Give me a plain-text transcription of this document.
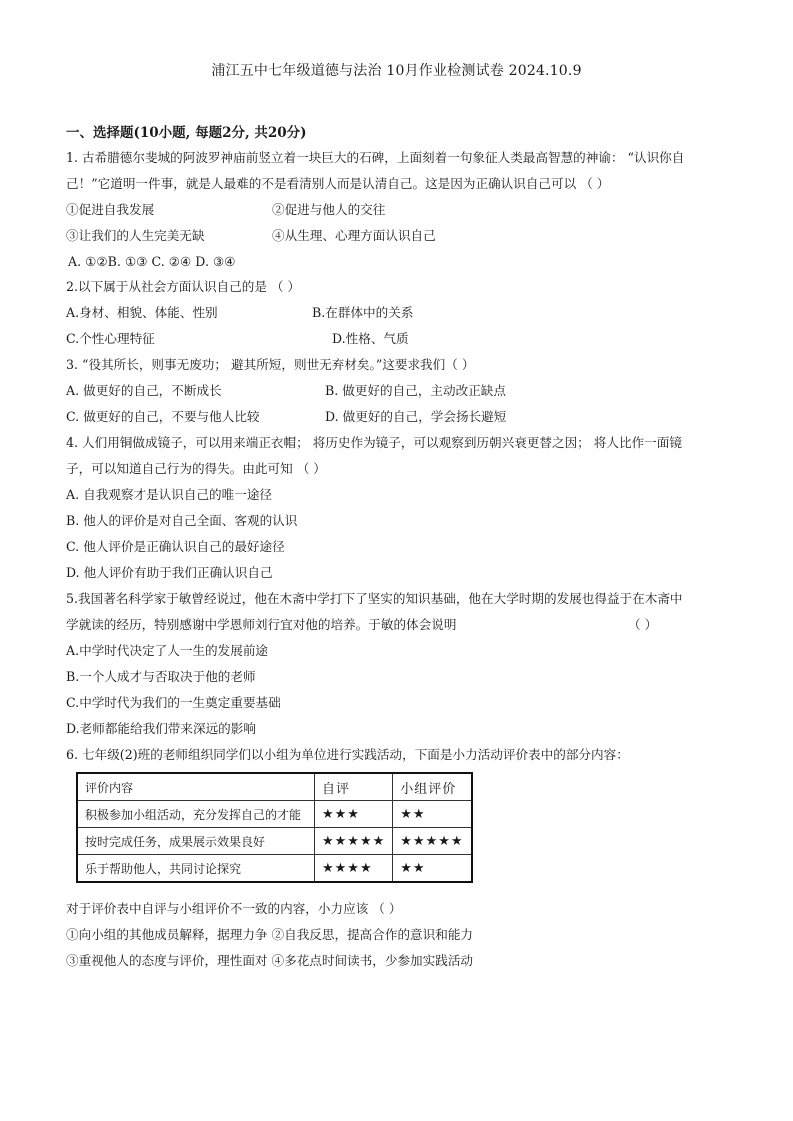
浦江五中七年级道德与法治 10月作业检测试卷 2024.10.9
一、选择题(10小题, 每题2分, 共20分)
1. 古希腊德尔斐城的阿波罗神庙前竖立着一块巨大的石碑，上面刻着一句象征人类最高智慧的神谕： “认识你自
己！”它道明一件事，就是人最难的不是看清别人而是认清自己。这是因为正确认识自己可以 （ ）
①促进自我发展	②促进与他人的交往
③让我们的人生完美无缺	④从生理、心理方面认识自己
A. ①②B. ①③ C. ②④ D. ③④
2.以下属于从社会方面认识自己的是 （ ）
A.身材、相貌、体能、性别	B.在群体中的关系
C.个性心理特征	D.性格、气质
3. “役其所长，则事无废功； 避其所短，则世无弃材矣。”这要求我们（ ）
A. 做更好的自己，不断成长	B. 做更好的自己，主动改正缺点
C. 做更好的自己，不要与他人比较	D. 做更好的自己，学会扬长避短
4. 人们用铜做成镜子，可以用来端正衣帽； 将历史作为镜子，可以观察到历朝兴衰更替之因； 将人比作一面镜
子，可以知道自己行为的得失。由此可知 （ ）
A. 自我观察才是认识自己的唯一途径
B. 他人的评价是对自己全面、客观的认识
C. 他人评价是正确认识自己的最好途径
D. 他人评价有助于我们正确认识自己
5.我国著名科学家于敏曾经说过，他在木斋中学打下了坚实的知识基础，他在大学时期的发展也得益于在木斋中
学就读的经历，特别感谢中学恩师刘行宜对他的培养。于敏的体会说明	（ ）
A.中学时代决定了人一生的发展前途
B.一个人成才与否取决于他的老师
C.中学时代为我们的一生奠定重要基础
D.老师都能给我们带来深远的影响
6. 七年级(2)班的老师组织同学们以小组为单位进行实践活动，下面是小力活动评价表中的部分内容：
评价内容	自评	小组评价
积极参加小组活动，充分发挥自己的才能	★★★	★★
按时完成任务，成果展示效果良好	★★★★★	★★★★★
乐于帮助他人，共同讨论探究	★★★★	★★
对于评价表中自评与小组评价不一致的内容，小力应该 （ ）
①向小组的其他成员解释，据理力争 ②自我反思，提高合作的意识和能力
③重视他人的态度与评价，理性面对 ④多花点时间读书，少参加实践活动
